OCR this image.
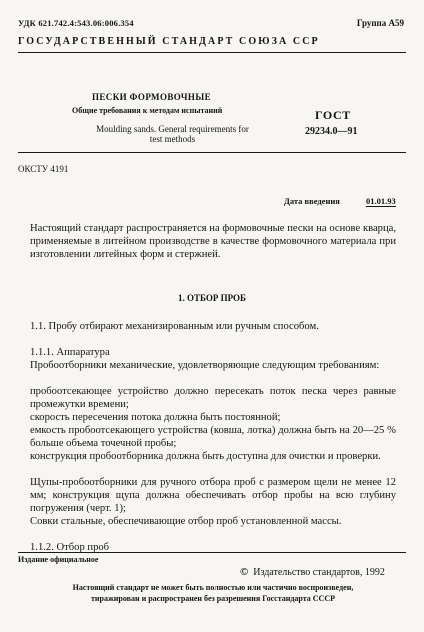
УДК 621.742.4:543.06:006.354	Группа А59
ГОСУДАРСТВЕННЫЙ СТАНДАРТ СОЮЗА ССР
ПЕСКИ ФОРМОВОЧНЫЕ
Общие требования к методам испытаний
Moulding sands. General requirements for
test methods
ГОСТ
29234.0—91
ОКСТУ 4191
Дата введения	01.01.93
Настоящий стандарт распространяется на формовочные пески на основе кварца, применяемые в литейном производстве в качестве формовочного материала при изготовлении литейных форм и стержней.
1. ОТБОР ПРОБ
1.1. Пробу отбирают механизированным или ручным способом.
1.1.1. Аппаратура
Пробоотборники механические, удовлетворяющие следующим требованиям:
пробоотсекающее устройство должно пересекать поток песка через равные промежутки времени;
скорость пересечения потока должна быть постоянной;
емкость пробоотсекающего устройства (ковша, лотка) должна быть на 20—25 % больше объема точечной пробы;
конструкция пробоотборника должна быть доступна для очистки и проверки.
Щупы-пробоотборники для ручного отбора проб с размером щели не менее 12 мм; конструкция щупа должна обеспечивать отбор пробы на всю глубину погружения (черт. 1);
Совки стальные, обеспечивающие отбор проб установленной массы.
1.1.2. Отбор проб
Издание официальное
© Издательство стандартов, 1992
Настоящий стандарт не может быть полностью или частично воспроизведен,
тиражирован и распространен без разрешения Госстандарта СССР
